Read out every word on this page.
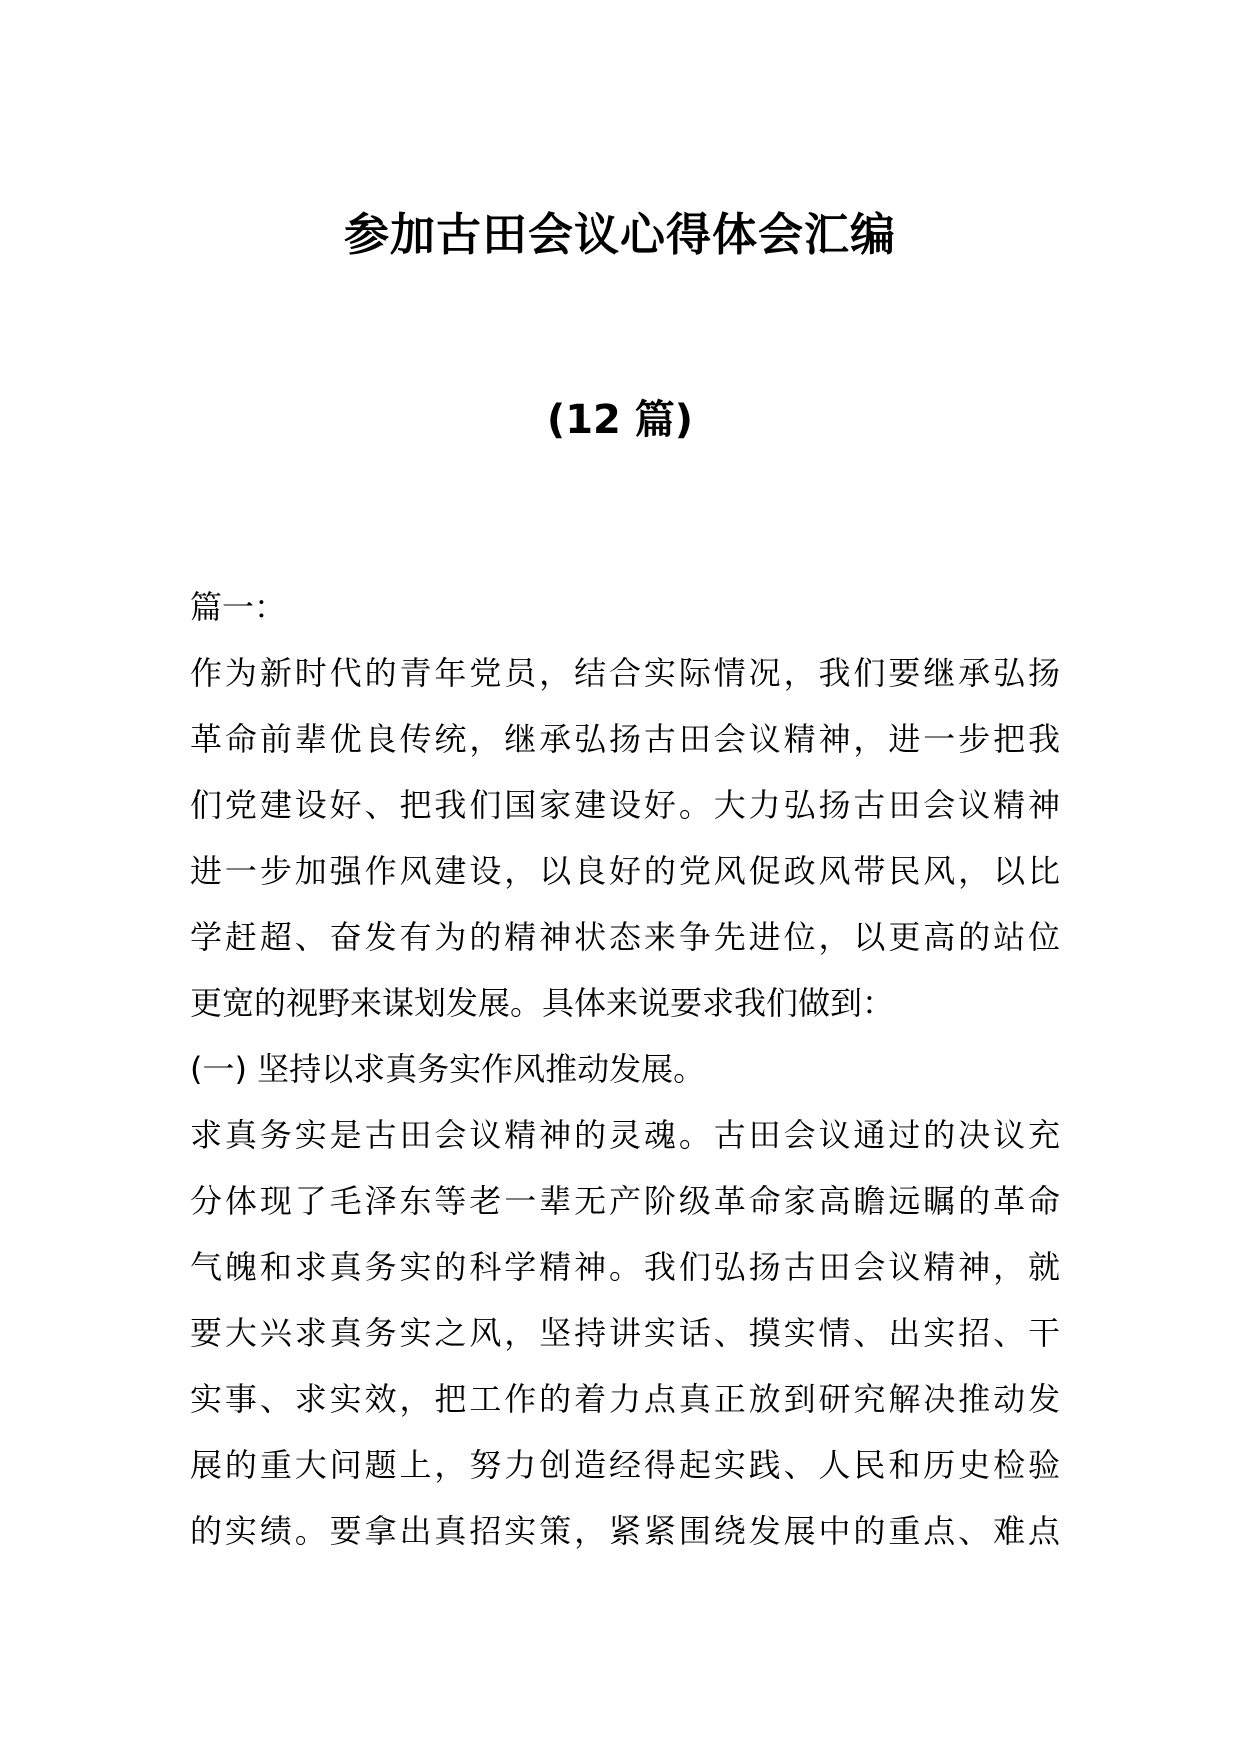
参加古田会议心得体会汇编
(12 篇)
篇一：
作为新时代的青年党员，结合实际情况，我们要继承弘扬
革命前辈优良传统，继承弘扬古田会议精神，进一步把我
们党建设好、把我们国家建设好。大力弘扬古田会议精神
进一步加强作风建设，以良好的党风促政风带民风，以比
学赶超、奋发有为的精神状态来争先进位，以更高的站位
更宽的视野来谋划发展。具体来说要求我们做到：
(一) 坚持以求真务实作风推动发展。
求真务实是古田会议精神的灵魂。古田会议通过的决议充
分体现了毛泽东等老一辈无产阶级革命家高瞻远瞩的革命
气魄和求真务实的科学精神。我们弘扬古田会议精神，就
要大兴求真务实之风，坚持讲实话、摸实情、出实招、干
实事、求实效，把工作的着力点真正放到研究解决推动发
展的重大问题上，努力创造经得起实践、人民和历史检验
的实绩。要拿出真招实策，紧紧围绕发展中的重点、难点
